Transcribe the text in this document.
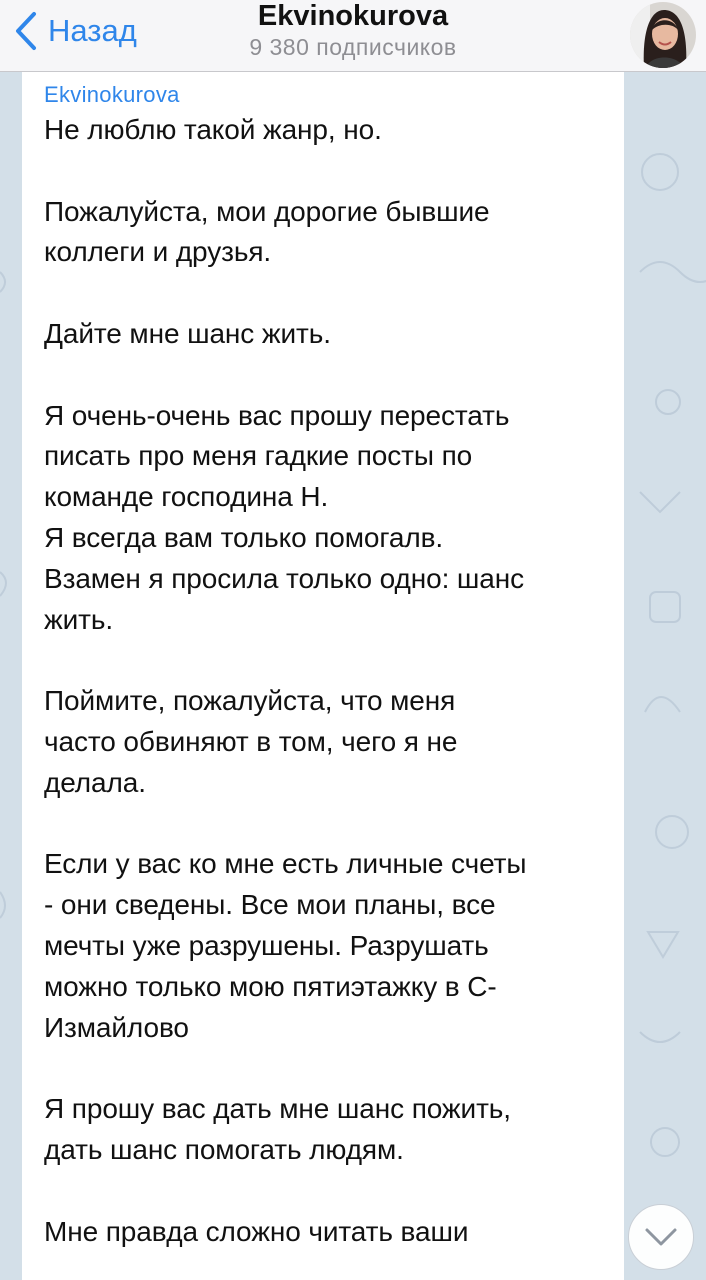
Назад	Ekvinokurova
9 380 подписчиков
Ekvinokurova
Не люблю такой жанр, но.

Пожалуйста, мои дорогие бывшие
коллеги и друзья.

Дайте мне шанс жить.

Я очень-очень вас прошу перестать
писать про меня гадкие посты по
команде господина Н.
Я всегда вам только помогалв.
Взамен я просила только одно: шанс
жить.

Поймите, пожалуйста, что меня
часто обвиняют в том, чего я не
делала.

Если у вас ко мне есть личные счеты
- они сведены. Все мои планы, все
мечты уже разрушены. Разрушать
можно только мою пятиэтажку в С-
Измайлово

Я прошу вас дать мне шанс пожить,
дать шанс помогать людям.

Мне правда сложно читать ваши
